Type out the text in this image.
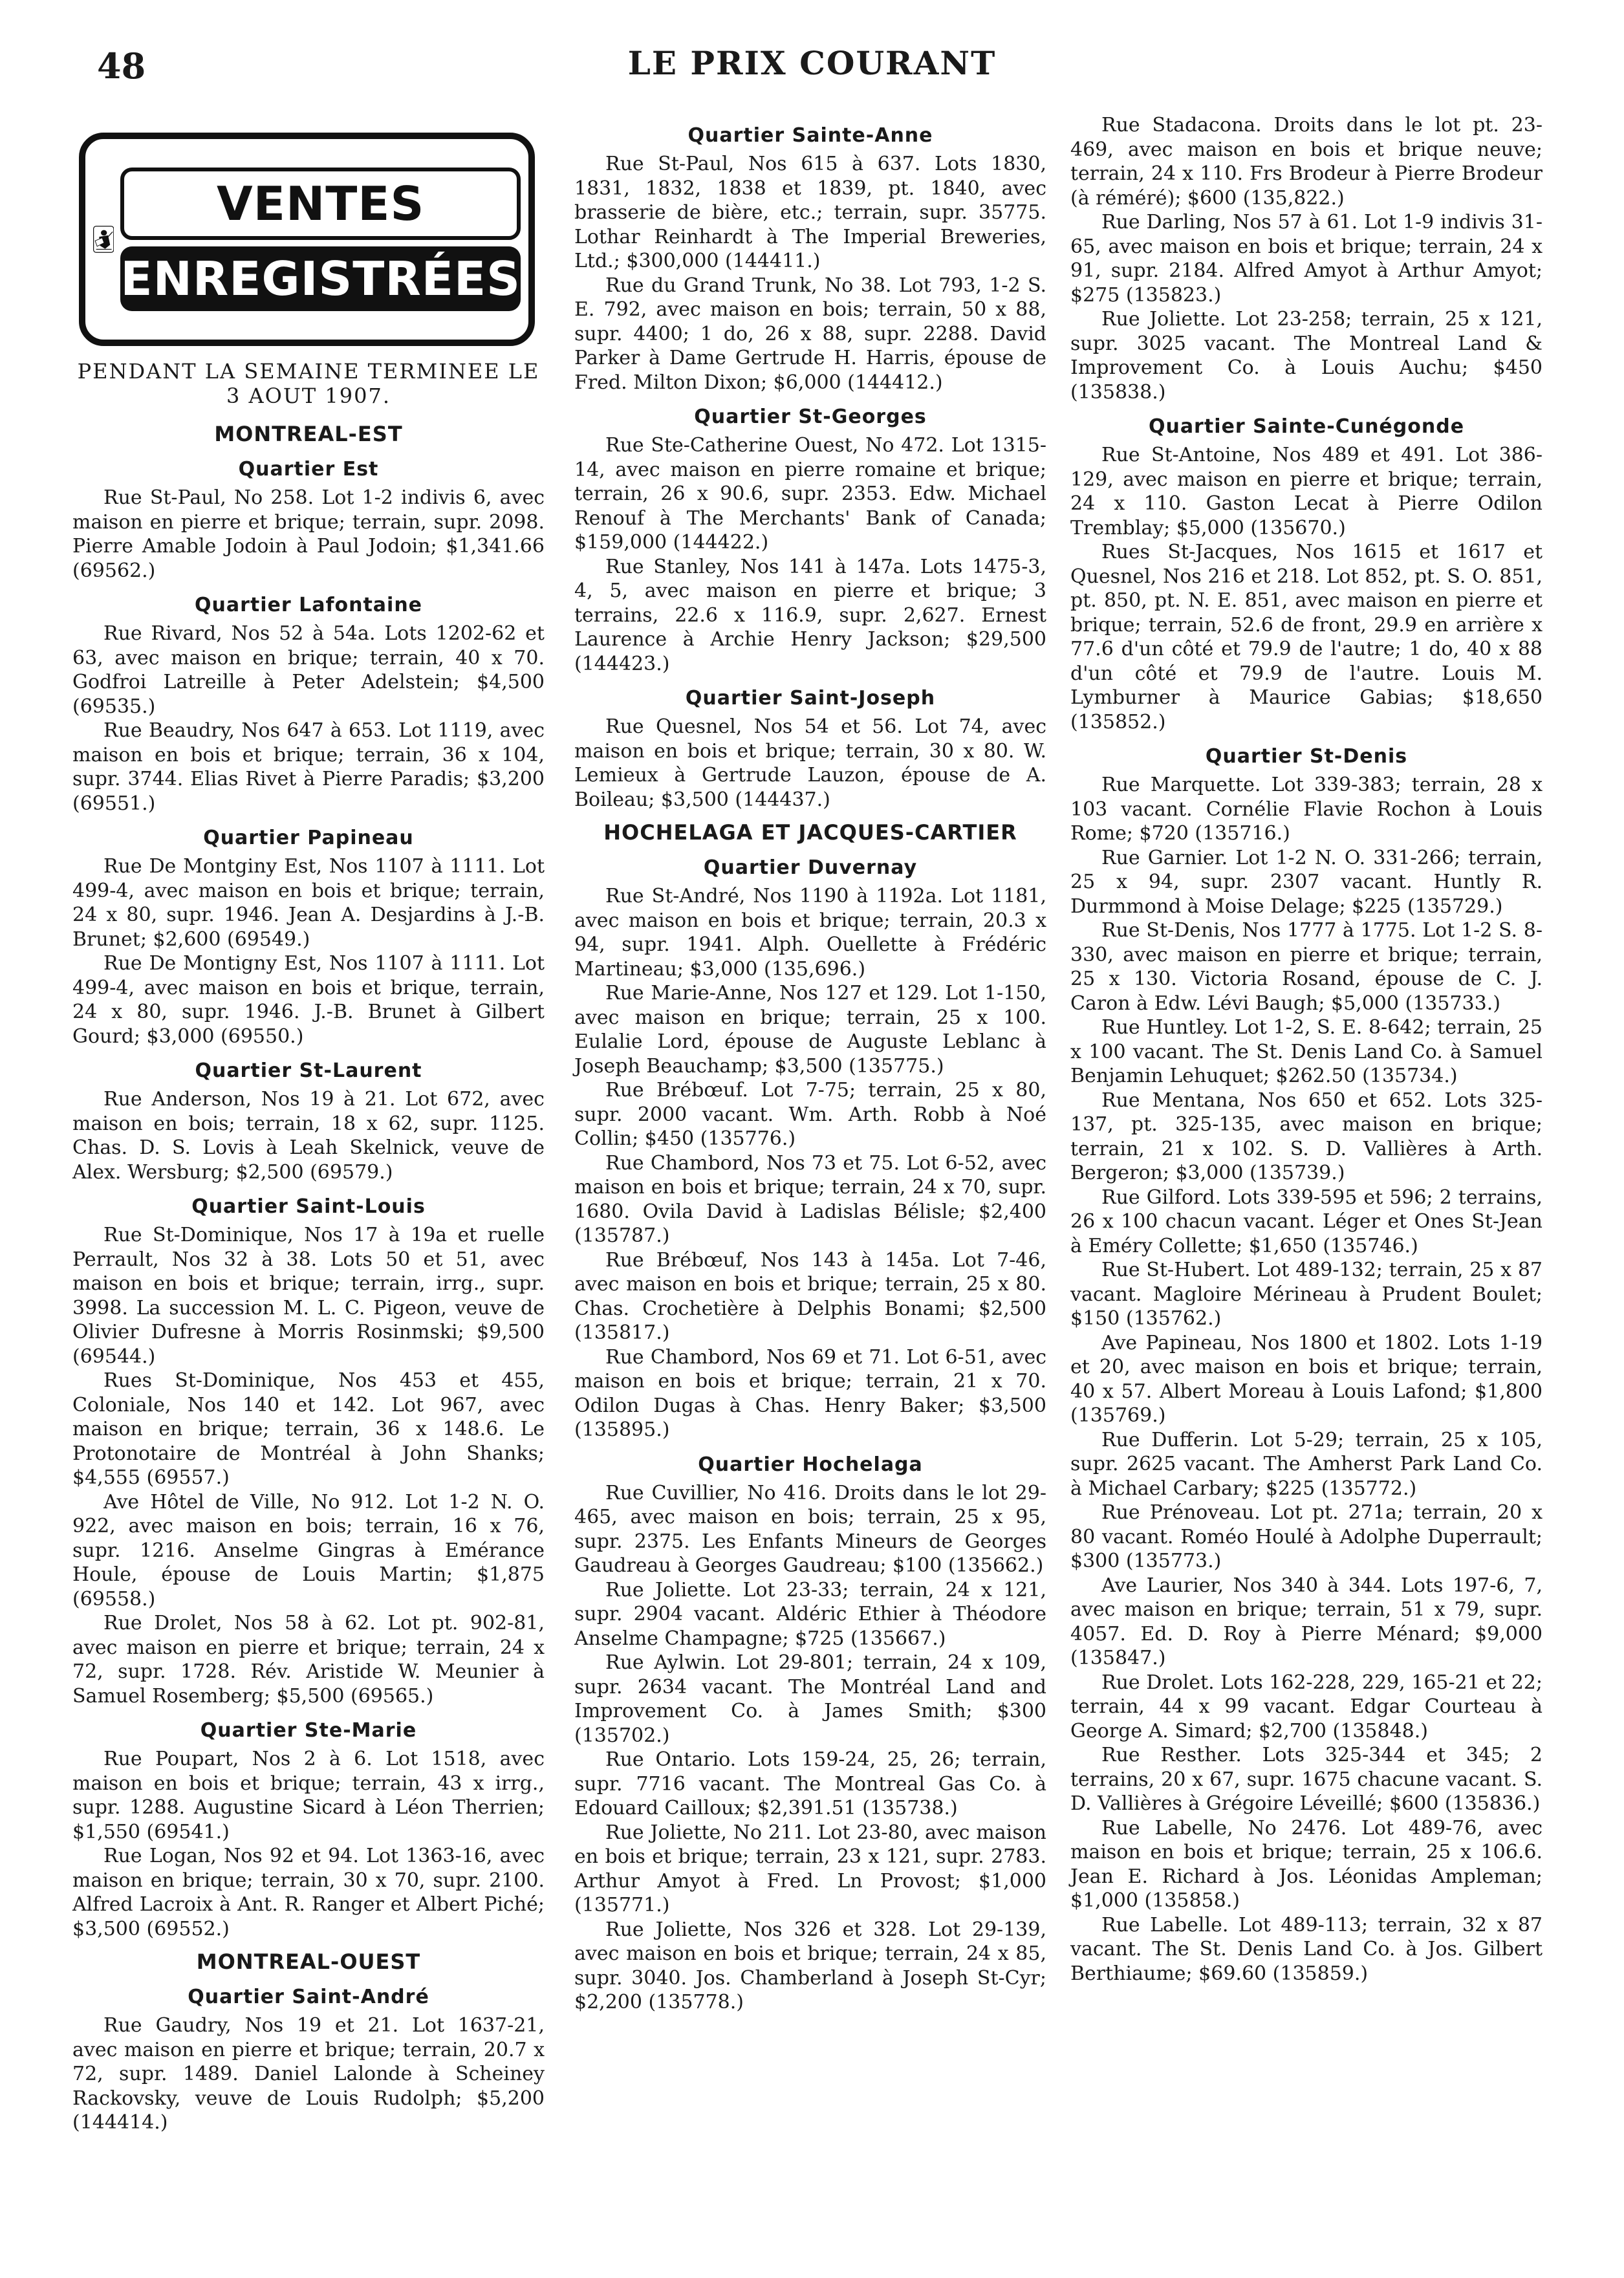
48	LE PRIX COURANT
VENTES
ENREGISTRÉES
PENDANT LA SEMAINE TERMINEE LE 3 AOUT 1907.
MONTREAL-EST
Quartier Est

Rue St-Paul, No 258. Lot 1-2 indivis 6, avec maison en pierre et brique; terrain, supr. 2098. Pierre Amable Jodoin à Paul Jodoin; $1,341.66 (69562.)

Quartier Lafontaine

Rue Rivard, Nos 52 à 54a. Lots 1202-62 et 63, avec maison en brique; terrain, 40 x 70. Godfroi Latreille à Peter Adelstein; $4,500 (69535.)

Rue Beaudry, Nos 647 à 653. Lot 1119, avec maison en bois et brique; terrain, 36 x 104, supr. 3744. Elias Rivet à Pierre Paradis; $3,200 (69551.)

Quartier Papineau

Rue De Montginy Est, Nos 1107 à 1111. Lot 499-4, avec maison en bois et brique; terrain, 24 x 80, supr. 1946. Jean A. Desjardins à J.-B. Brunet; $2,600 (69549.)

Rue De Montigny Est, Nos 1107 à 1111. Lot 499-4, avec maison en bois et brique, terrain, 24 x 80, supr. 1946. J.-B. Brunet à Gilbert Gourd; $3,000 (69550.)

Quartier St-Laurent

Rue Anderson, Nos 19 à 21. Lot 672, avec maison en bois; terrain, 18 x 62, supr. 1125. Chas. D. S. Lovis à Leah Skelnick, veuve de Alex. Wersburg; $2,500 (69579.)

Quartier Saint-Louis

Rue St-Dominique, Nos 17 à 19a et ruelle Perrault, Nos 32 à 38. Lots 50 et 51, avec maison en bois et brique; terrain, irrg., supr. 3998. La succession M. L. C. Pigeon, veuve de Olivier Dufresne à Morris Rosinmski; $9,500 (69544.)

Rues St-Dominique, Nos 453 et 455, Coloniale, Nos 140 et 142. Lot 967, avec maison en brique; terrain, 36 x 148.6. Le Protonotaire de Montréal à John Shanks; $4,555 (69557.)

Ave Hôtel de Ville, No 912. Lot 1-2 N. O. 922, avec maison en bois; terrain, 16 x 76, supr. 1216. Anselme Gingras à Emérance Houle, épouse de Louis Martin; $1,875 (69558.)

Rue Drolet, Nos 58 à 62. Lot pt. 902-81, avec maison en pierre et brique; terrain, 24 x 72, supr. 1728. Rév. Aristide W. Meunier à Samuel Rosemberg; $5,500 (69565.)

Quartier Ste-Marie

Rue Poupart, Nos 2 à 6. Lot 1518, avec maison en bois et brique; terrain, 43 x irrg., supr. 1288. Augustine Sicard à Léon Therrien; $1,550 (69541.)

Rue Logan, Nos 92 et 94. Lot 1363-16, avec maison en brique; terrain, 30 x 70, supr. 2100. Alfred Lacroix à Ant. R. Ranger et Albert Piché; $3,500 (69552.)

MONTREAL-OUEST
Quartier Saint-André

Rue Gaudry, Nos 19 et 21. Lot 1637-21, avec maison en pierre et brique; terrain, 20.7 x 72, supr. 1489. Daniel Lalonde à Scheiney Rackovsky, veuve de Louis Rudolph; $5,200 (144414.)

Quartier Sainte-Anne

Rue St-Paul, Nos 615 à 637. Lots 1830, 1831, 1832, 1838 et 1839, pt. 1840, avec brasserie de bière, etc.; terrain, supr. 35775. Lothar Reinhardt à The Imperial Breweries, Ltd.; $300,000 (144411.)

Rue du Grand Trunk, No 38. Lot 793, 1-2 S. E. 792, avec maison en bois; terrain, 50 x 88, supr. 4400; 1 do, 26 x 88, supr. 2288. David Parker à Dame Gertrude H. Harris, épouse de Fred. Milton Dixon; $6,000 (144412.)

Quartier St-Georges

Rue Ste-Catherine Ouest, No 472. Lot 1315-14, avec maison en pierre romaine et brique; terrain, 26 x 90.6, supr. 2353. Edw. Michael Renouf à The Merchants' Bank of Canada; $159,000 (144422.)

Rue Stanley, Nos 141 à 147a. Lots 1475-3, 4, 5, avec maison en pierre et brique; 3 terrains, 22.6 x 116.9, supr. 2,627. Ernest Laurence à Archie Henry Jackson; $29,500 (144423.)

Quartier Saint-Joseph

Rue Quesnel, Nos 54 et 56. Lot 74, avec maison en bois et brique; terrain, 30 x 80. W. Lemieux à Gertrude Lauzon, épouse de A. Boileau; $3,500 (144437.)

HOCHELAGA ET JACQUES-CARTIER
Quartier Duvernay

Rue St-André, Nos 1190 à 1192a. Lot 1181, avec maison en bois et brique; terrain, 20.3 x 94, supr. 1941. Alph. Ouellette à Frédéric Martineau; $3,000 (135,696.)

Rue Marie-Anne, Nos 127 et 129. Lot 1-150, avec maison en brique; terrain, 25 x 100. Eulalie Lord, épouse de Auguste Leblanc à Joseph Beauchamp; $3,500 (135775.)

Rue Brébœuf. Lot 7-75; terrain, 25 x 80, supr. 2000 vacant. Wm. Arth. Robb à Noé Collin; $450 (135776.)

Rue Chambord, Nos 73 et 75. Lot 6-52, avec maison en bois et brique; terrain, 24 x 70, supr. 1680. Ovila David à Ladislas Bélisle; $2,400 (135787.)

Rue Brébœuf, Nos 143 à 145a. Lot 7-46, avec maison en bois et brique; terrain, 25 x 80. Chas. Crochetière à Delphis Bonami; $2,500 (135817.)

Rue Chambord, Nos 69 et 71. Lot 6-51, avec maison en bois et brique; terrain, 21 x 70. Odilon Dugas à Chas. Henry Baker; $3,500 (135895.)

Quartier Hochelaga

Rue Cuvillier, No 416. Droits dans le lot 29-465, avec maison en bois; terrain, 25 x 95, supr. 2375. Les Enfants Mineurs de Georges Gaudreau à Georges Gaudreau; $100 (135662.)

Rue Joliette. Lot 23-33; terrain, 24 x 121, supr. 2904 vacant. Aldéric Ethier à Théodore Anselme Champagne; $725 (135667.)

Rue Aylwin. Lot 29-801; terrain, 24 x 109, supr. 2634 vacant. The Montréal Land and Improvement Co. à James Smith; $300 (135702.)

Rue Ontario. Lots 159-24, 25, 26; terrain, supr. 7716 vacant. The Montreal Gas Co. à Edouard Cailloux; $2,391.51 (135738.)

Rue Joliette, No 211. Lot 23-80, avec maison en bois et brique; terrain, 23 x 121, supr. 2783. Arthur Amyot à Fred. Ln Provost; $1,000 (135771.)

Rue Joliette, Nos 326 et 328. Lot 29-139, avec maison en bois et brique; terrain, 24 x 85, supr. 3040. Jos. Chamberland à Joseph St-Cyr; $2,200 (135778.)

Rue Stadacona. Droits dans le lot pt. 23-469, avec maison en bois et brique neuve; terrain, 24 x 110. Frs Brodeur à Pierre Brodeur (à réméré); $600 (135,822.)

Rue Darling, Nos 57 à 61. Lot 1-9 indivis 31-65, avec maison en bois et brique; terrain, 24 x 91, supr. 2184. Alfred Amyot à Arthur Amyot; $275 (135823.)

Rue Joliette. Lot 23-258; terrain, 25 x 121, supr. 3025 vacant. The Montreal Land & Improvement Co. à Louis Auchu; $450 (135838.)

Quartier Sainte-Cunégonde

Rue St-Antoine, Nos 489 et 491. Lot 386-129, avec maison en pierre et brique; terrain, 24 x 110. Gaston Lecat à Pierre Odilon Tremblay; $5,000 (135670.)

Rues St-Jacques, Nos 1615 et 1617 et Quesnel, Nos 216 et 218. Lot 852, pt. S. O. 851, pt. 850, pt. N. E. 851, avec maison en pierre et brique; terrain, 52.6 de front, 29.9 en arrière x 77.6 d'un côté et 79.9 de l'autre; 1 do, 40 x 88 d'un côté et 79.9 de l'autre. Louis M. Lymburner à Maurice Gabias; $18,650 (135852.)

Quartier St-Denis

Rue Marquette. Lot 339-383; terrain, 28 x 103 vacant. Cornélie Flavie Rochon à Louis Rome; $720 (135716.)

Rue Garnier. Lot 1-2 N. O. 331-266; terrain, 25 x 94, supr. 2307 vacant. Huntly R. Durmmond à Moise Delage; $225 (135729.)

Rue St-Denis, Nos 1777 à 1775. Lot 1-2 S. 8-330, avec maison en pierre et brique; terrain, 25 x 130. Victoria Rosand, épouse de C. J. Caron à Edw. Lévi Baugh; $5,000 (135733.)

Rue Huntley. Lot 1-2, S. E. 8-642; terrain, 25 x 100 vacant. The St. Denis Land Co. à Samuel Benjamin Lehuquet; $262.50 (135734.)

Rue Mentana, Nos 650 et 652. Lots 325-137, pt. 325-135, avec maison en brique; terrain, 21 x 102. S. D. Vallières à Arth. Bergeron; $3,000 (135739.)

Rue Gilford. Lots 339-595 et 596; 2 terrains, 26 x 100 chacun vacant. Léger et Ones St-Jean à Eméry Collette; $1,650 (135746.)

Rue St-Hubert. Lot 489-132; terrain, 25 x 87 vacant. Magloire Mérineau à Prudent Boulet; $150 (135762.)

Ave Papineau, Nos 1800 et 1802. Lots 1-19 et 20, avec maison en bois et brique; terrain, 40 x 57. Albert Moreau à Louis Lafond; $1,800 (135769.)

Rue Dufferin. Lot 5-29; terrain, 25 x 105, supr. 2625 vacant. The Amherst Park Land Co. à Michael Carbary; $225 (135772.)

Rue Prénoveau. Lot pt. 271a; terrain, 20 x 80 vacant. Roméo Houlé à Adolphe Duperrault; $300 (135773.)

Ave Laurier, Nos 340 à 344. Lots 197-6, 7, avec maison en brique; terrain, 51 x 79, supr. 4057. Ed. D. Roy à Pierre Ménard; $9,000 (135847.)

Rue Drolet. Lots 162-228, 229, 165-21 et 22; terrain, 44 x 99 vacant. Edgar Courteau à George A. Simard; $2,700 (135848.)

Rue Resther. Lots 325-344 et 345; 2 terrains, 20 x 67, supr. 1675 chacune vacant. S. D. Vallières à Grégoire Léveillé; $600 (135836.)

Rue Labelle, No 2476. Lot 489-76, avec maison en bois et brique; terrain, 25 x 106.6. Jean E. Richard à Jos. Léonidas Ampleman; $1,000 (135858.)

Rue Labelle. Lot 489-113; terrain, 32 x 87 vacant. The St. Denis Land Co. à Jos. Gilbert Berthiaume; $69.60 (135859.)
